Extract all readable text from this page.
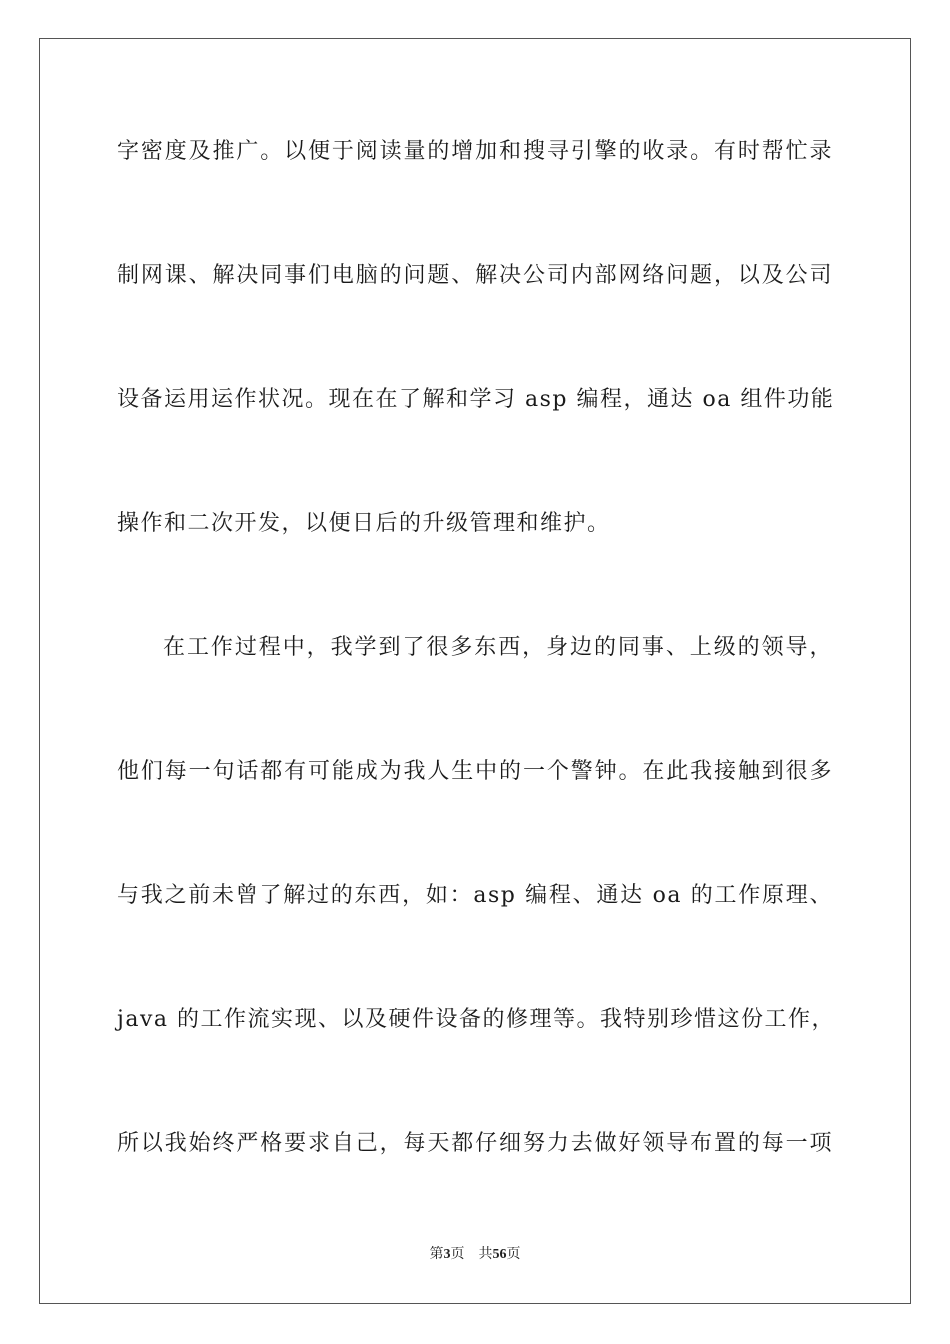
字密度及推广。以便于阅读量的增加和搜寻引擎的收录。有时帮忙录
制网课、解决同事们电脑的问题、解决公司内部网络问题，以及公司
设备运用运作状况。现在在了解和学习 asp 编程，通达 oa 组件功能
操作和二次开发，以便日后的升级管理和维护。
在工作过程中，我学到了很多东西，身边的同事、上级的领导，
他们每一句话都有可能成为我人生中的一个警钟。在此我接触到很多
与我之前未曾了解过的东西，如：asp 编程、通达 oa 的工作原理、
java 的工作流实现、以及硬件设备的修理等。我特别珍惜这份工作，
所以我始终严格要求自己，每天都仔细努力去做好领导布置的每一项
第3页 共56页
